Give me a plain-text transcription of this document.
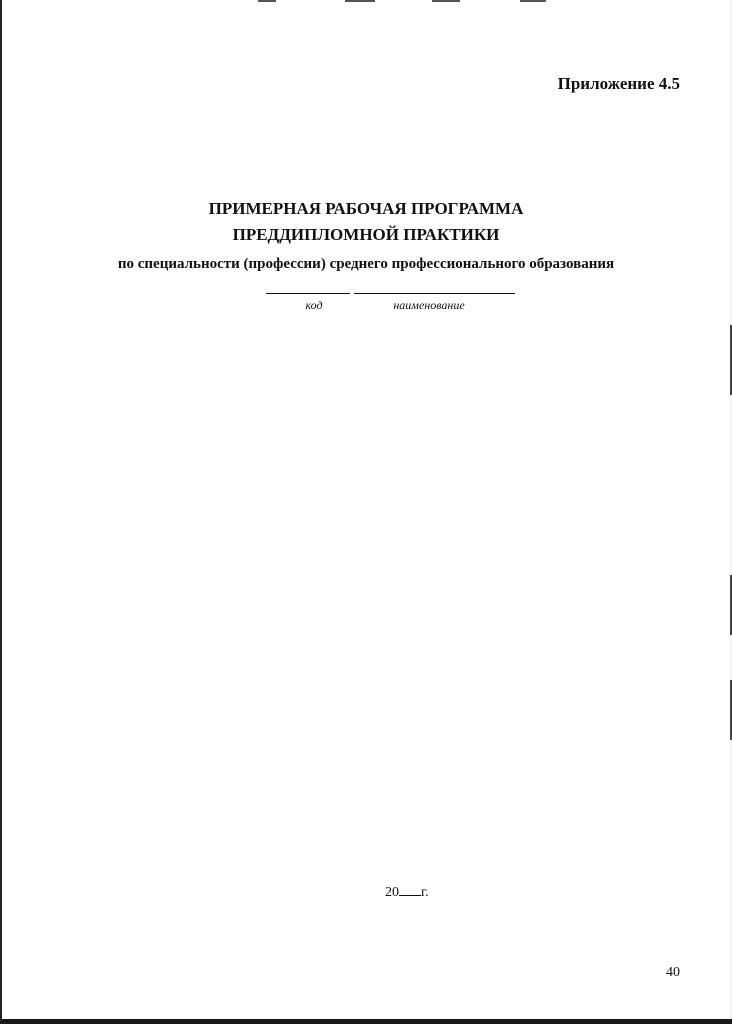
Приложение 4.5
ПРИМЕРНАЯ РАБОЧАЯ ПРОГРАММА
ПРЕДДИПЛОМНОЙ ПРАКТИКИ
по специальности (профессии) среднего профессионального образования
код	наименование
20 г.
40
